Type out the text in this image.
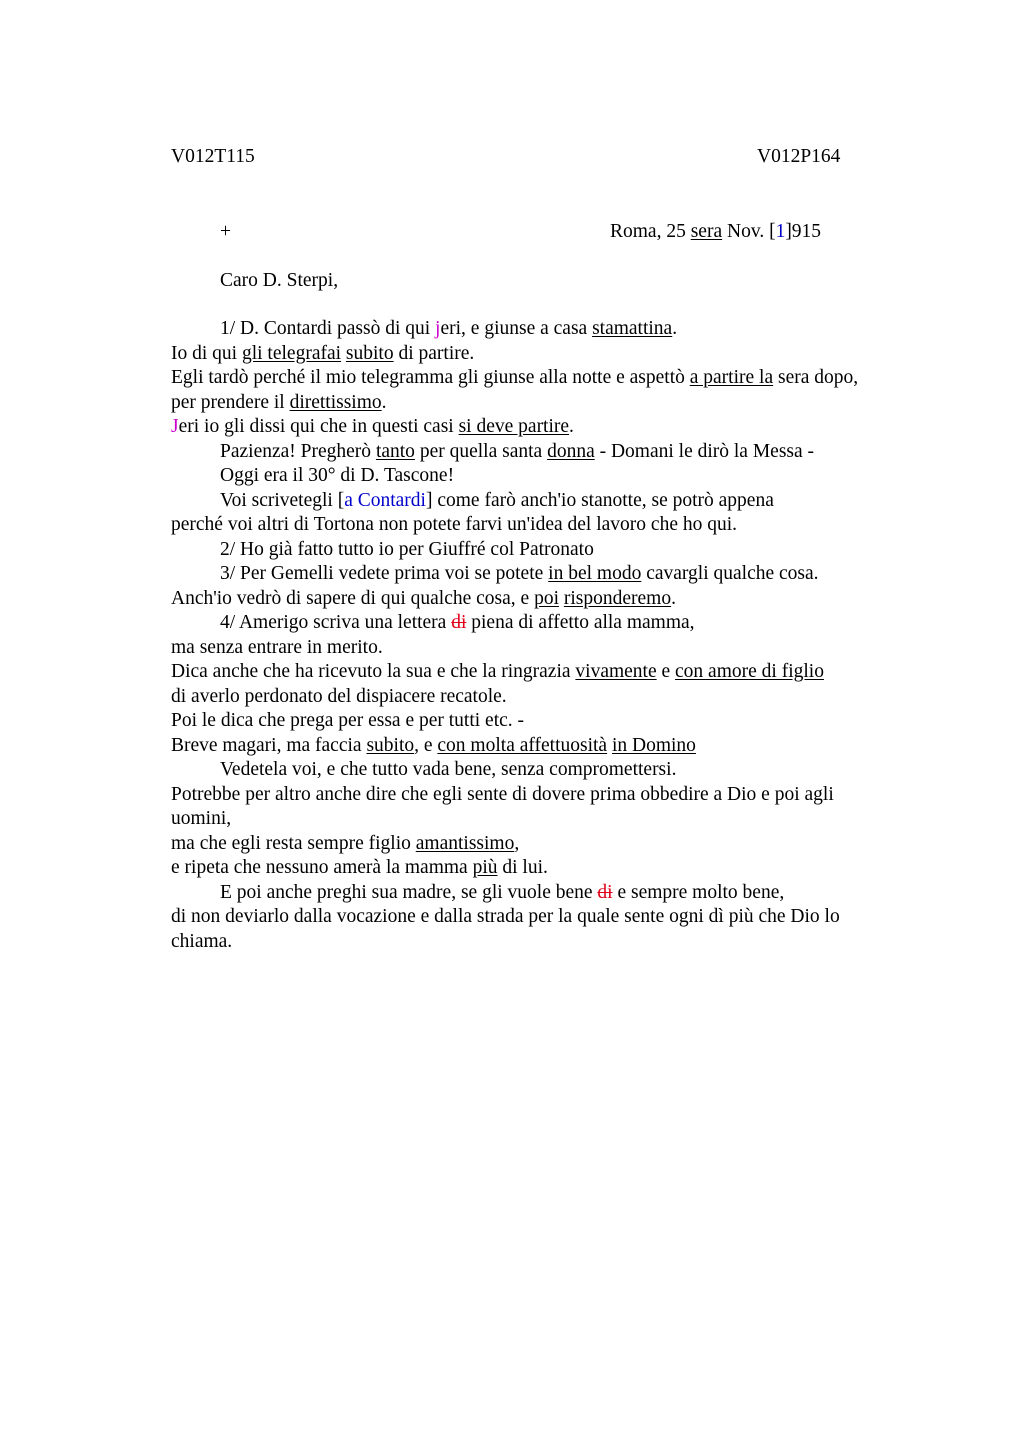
V012T115	V012P164
+	Roma, 25 sera Nov. [1]915
Caro D. Sterpi,
1/ D. Contardi passò di qui jeri, e giunse a casa stamattina.
Io di qui gli telegrafai subito di partire.
Egli tardò perché il mio telegramma gli giunse alla notte e aspettò a partire la sera dopo,
per prendere il direttissimo.
Jeri io gli dissi qui che in questi casi si deve partire.
Pazienza! Pregherò tanto per quella santa donna - Domani le dirò la Messa -
Oggi era il 30° di D. Tascone!
Voi scrivetegli [a Contardi] come farò anch'io stanotte, se potrò appena
perché voi altri di Tortona non potete farvi un'idea del lavoro che ho qui.
2/ Ho già fatto tutto io per Giuffré col Patronato
3/ Per Gemelli vedete prima voi se potete in bel modo cavargli qualche cosa.
Anch'io vedrò di sapere di qui qualche cosa, e poi risponderemo.
4/ Amerigo scriva una lettera di piena di affetto alla mamma,
ma senza entrare in merito.
Dica anche che ha ricevuto la sua e che la ringrazia vivamente e con amore di figlio
di averlo perdonato del dispiacere recatole.
Poi le dica che prega per essa e per tutti etc. -
Breve magari, ma faccia subito, e con molta affettuosità in Domino
Vedetela voi, e che tutto vada bene, senza compromettersi.
Potrebbe per altro anche dire che egli sente di dovere prima obbedire a Dio e poi agli
uomini,
ma che egli resta sempre figlio amantissimo,
e ripeta che nessuno amerà la mamma più di lui.
E poi anche preghi sua madre, se gli vuole bene di e sempre molto bene,
di non deviarlo dalla vocazione e dalla strada per la quale sente ogni dì più che Dio lo
chiama.
